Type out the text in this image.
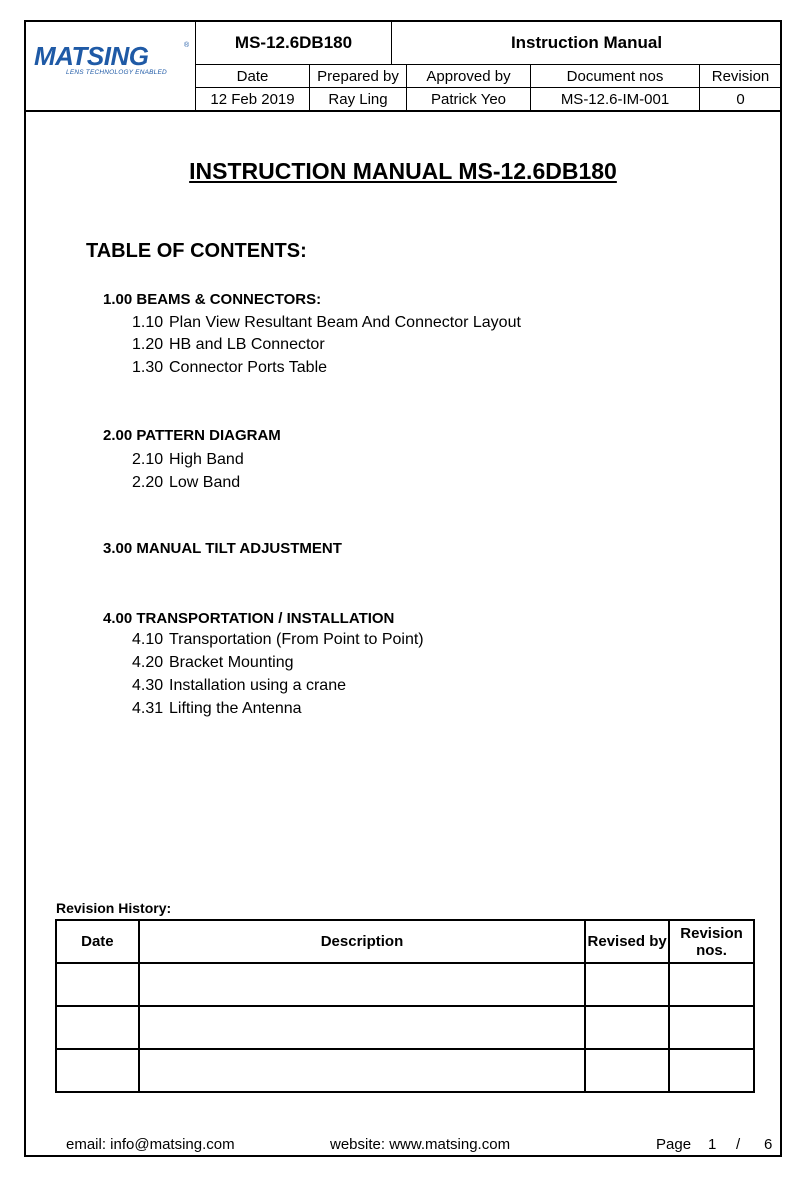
MATSING	®
LENS TECHNOLOGY ENABLED
MS-12.6DB180	Instruction Manual
Date	Prepared by	Approved by	Document nos	Revision
12 Feb 2019	Ray Ling	Patrick Yeo	MS-12.6-IM-001	0
INSTRUCTION MANUAL MS-12.6DB180
TABLE OF CONTENTS:
1.00 BEAMS & CONNECTORS:
1.10 Plan View Resultant Beam And Connector Layout
1.20 HB and LB Connector
1.30 Connector Ports Table
2.00 PATTERN DIAGRAM
2.10 High Band
2.20 Low Band
3.00 MANUAL TILT ADJUSTMENT
4.00 TRANSPORTATION / INSTALLATION
4.10 Transportation (From Point to Point)
4.20 Bracket Mounting
4.30 Installation using a crane
4.31 Lifting the Antenna
Revision History:
Date	Description	Revised by	Revision
nos.

email: info@matsing.com	website: www.matsing.com	Page 1 / 6
